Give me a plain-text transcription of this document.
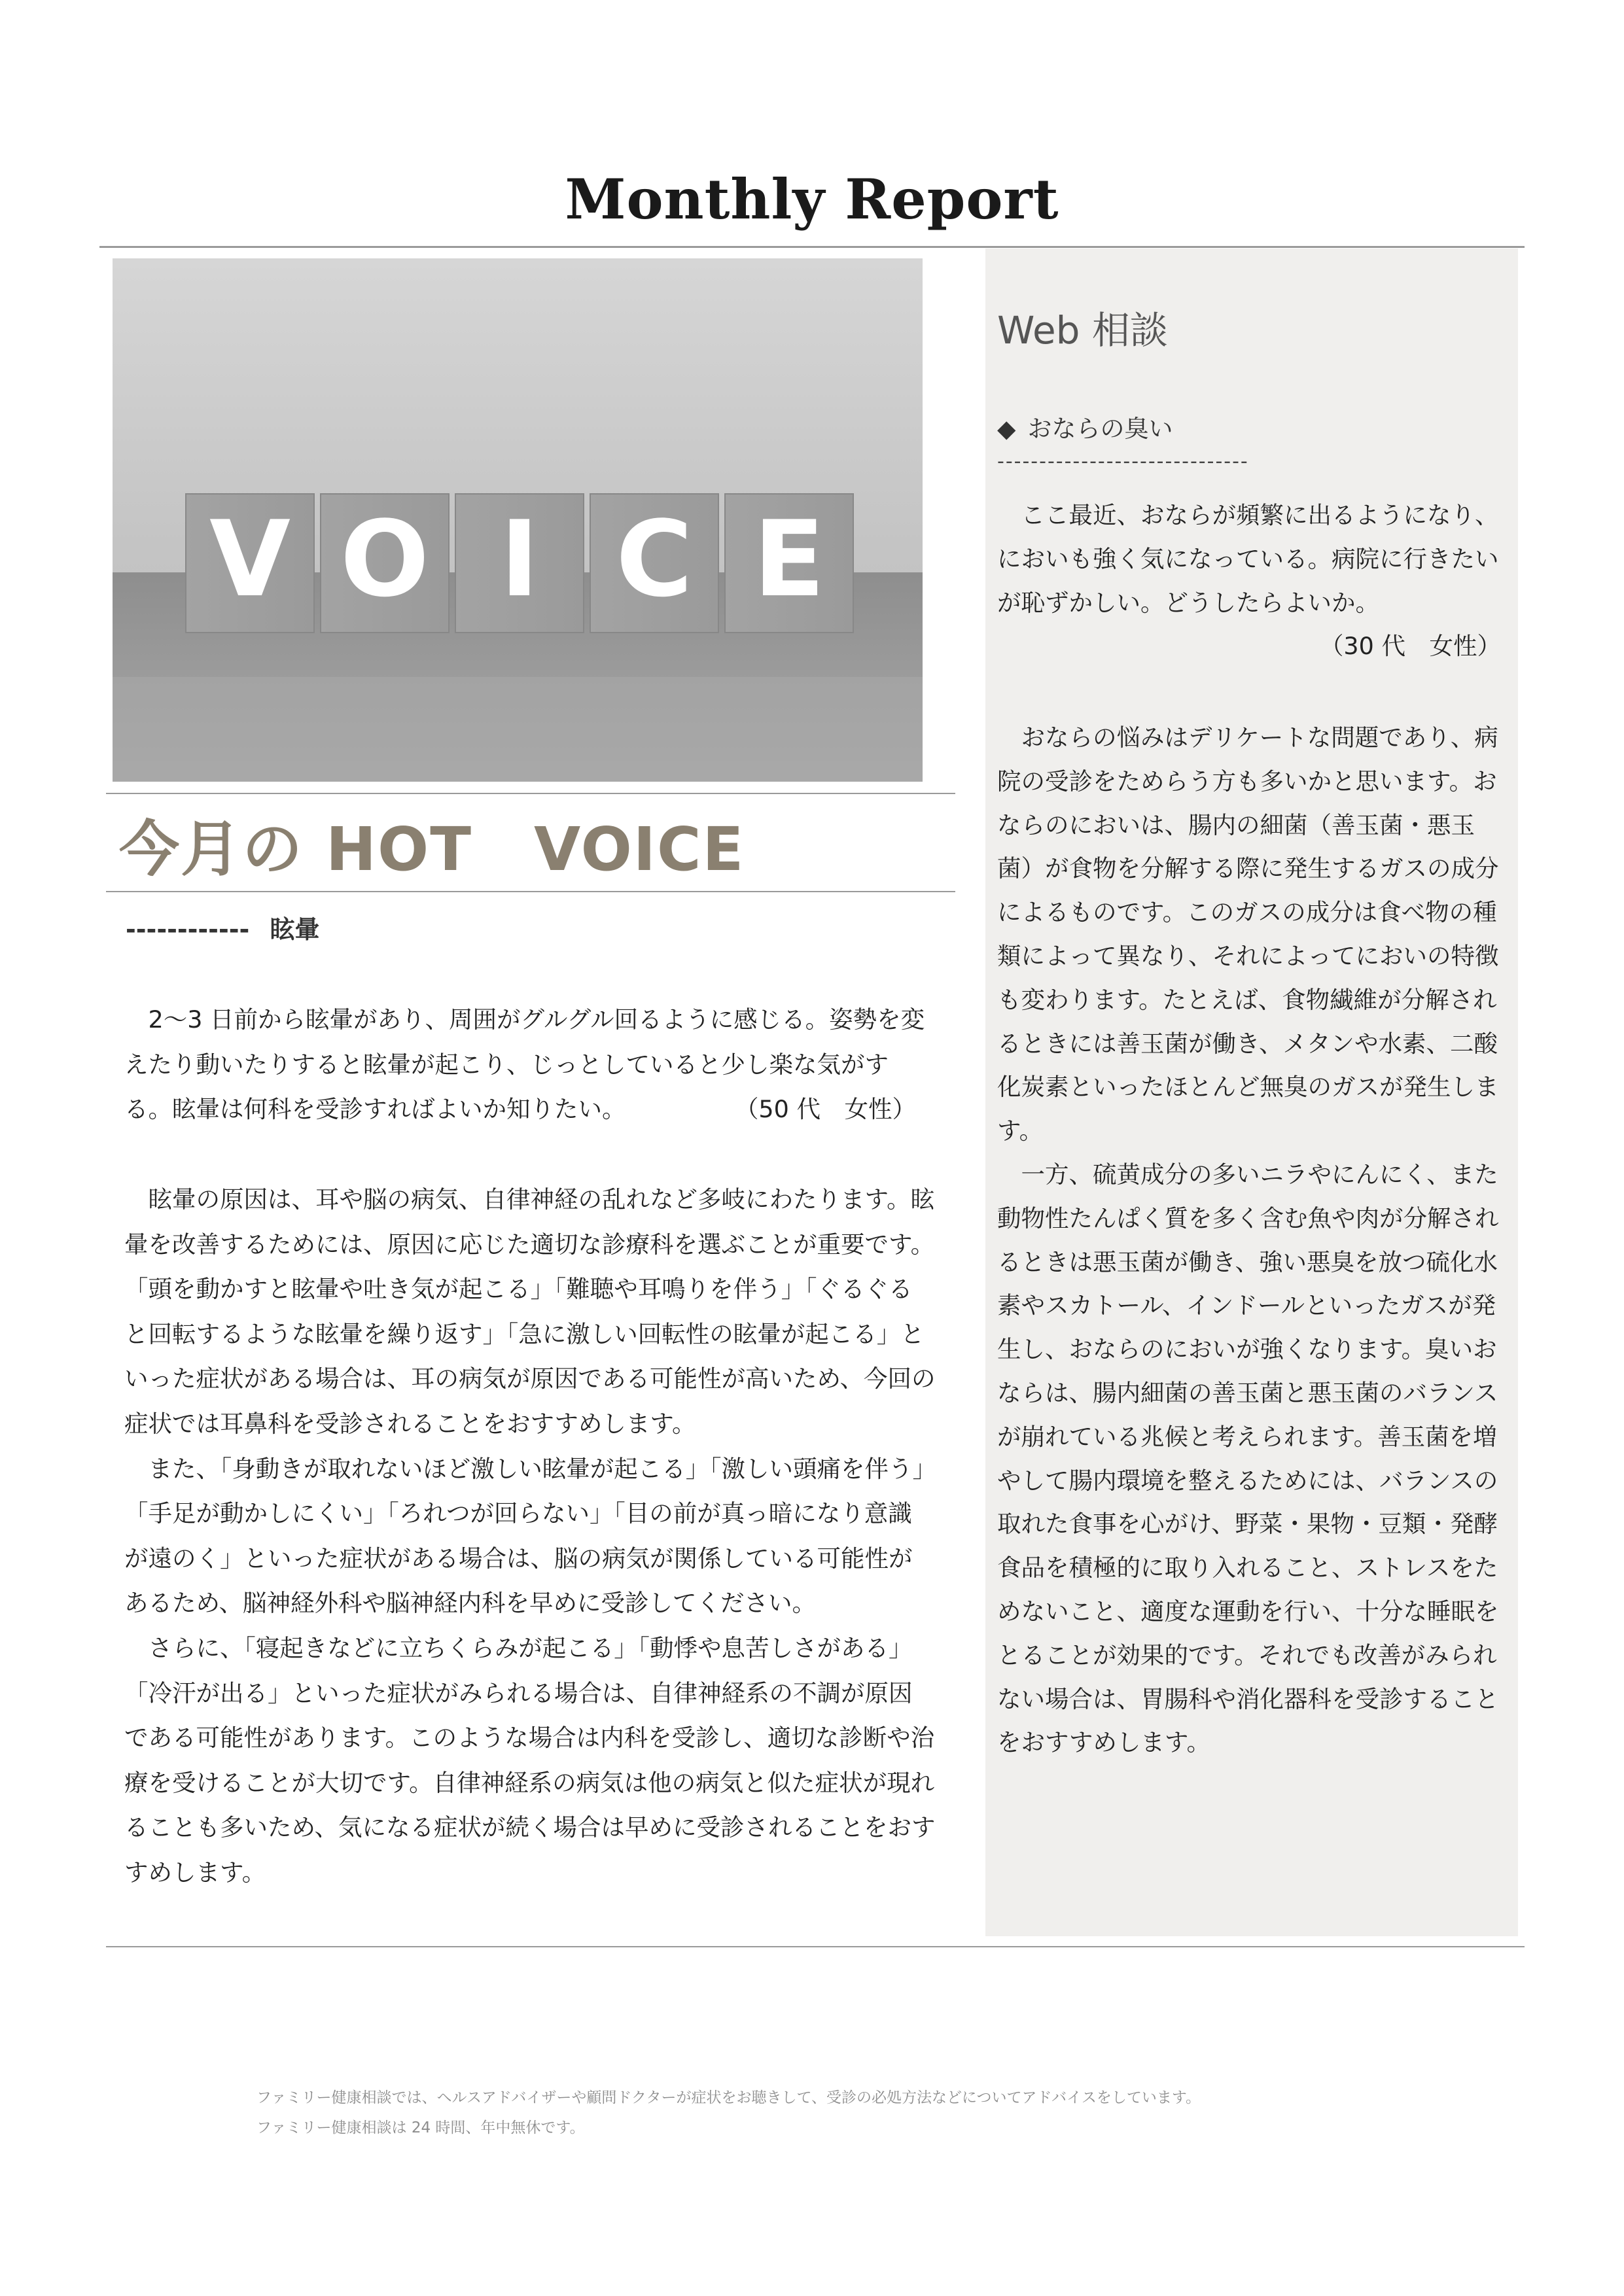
Monthly Report
V O I C E
今月の HOT　VOICE
------------ 眩暈

2～3 日前から眩暈があり、周囲がグルグル回るように感じる。姿勢を変えたり動いたりすると眩暈が起こり、じっとしていると少し楽な気がする。眩暈は何科を受診すればよいか知りたい。	（50 代　女性）

眩暈の原因は、耳や脳の病気、自律神経の乱れなど多岐にわたります。眩暈を改善するためには、原因に応じた適切な診療科を選ぶことが重要です。「頭を動かすと眩暈や吐き気が起こる」「難聴や耳鳴りを伴う」「ぐるぐると回転するような眩暈を繰り返す」「急に激しい回転性の眩暈が起こる」といった症状がある場合は、耳の病気が原因である可能性が高いため、今回の症状では耳鼻科を受診されることをおすすめします。

また、「身動きが取れないほど激しい眩暈が起こる」「激しい頭痛を伴う」「手足が動かしにくい」「ろれつが回らない」「目の前が真っ暗になり意識が遠のく」といった症状がある場合は、脳の病気が関係している可能性があるため、脳神経外科や脳神経内科を早めに受診してください。

さらに、「寝起きなどに立ちくらみが起こる」「動悸や息苦しさがある」「冷汗が出る」といった症状がみられる場合は、自律神経系の不調が原因である可能性があります。このような場合は内科を受診し、適切な診断や治療を受けることが大切です。自律神経系の病気は他の病気と似た症状が現れることも多いため、気になる症状が続く場合は早めに受診されることをおすすめします。

Web 相談
◆ おならの臭い
------------------------------

ここ最近、おならが頻繁に出るようになり、においも強く気になっている。病院に行きたいが恥ずかしい。どうしたらよいか。

（30 代　女性）

おならの悩みはデリケートな問題であり、病院の受診をためらう方も多いかと思います。おならのにおいは、腸内の細菌（善玉菌・悪玉菌）が食物を分解する際に発生するガスの成分によるものです。このガスの成分は食べ物の種類によって異なり、それによってにおいの特徴も変わります。たとえば、食物繊維が分解されるときには善玉菌が働き、メタンや水素、二酸化炭素といったほとんど無臭のガスが発生します。

一方、硫黄成分の多いニラやにんにく、また動物性たんぱく質を多く含む魚や肉が分解されるときは悪玉菌が働き、強い悪臭を放つ硫化水素やスカトール、インドールといったガスが発生し、おならのにおいが強くなります。臭いおならは、腸内細菌の善玉菌と悪玉菌のバランスが崩れている兆候と考えられます。善玉菌を増やして腸内環境を整えるためには、バランスの取れた食事を心がけ、野菜・果物・豆類・発酵食品を積極的に取り入れること、ストレスをためないこと、適度な運動を行い、十分な睡眠をとることが効果的です。それでも改善がみられない場合は、胃腸科や消化器科を受診することをおすすめします。

ファミリー健康相談では、ヘルスアドバイザーや顧問ドクターが症状をお聴きして、受診の必処方法などについてアドバイスをしています。
ファミリー健康相談は 24 時間、年中無休です。
